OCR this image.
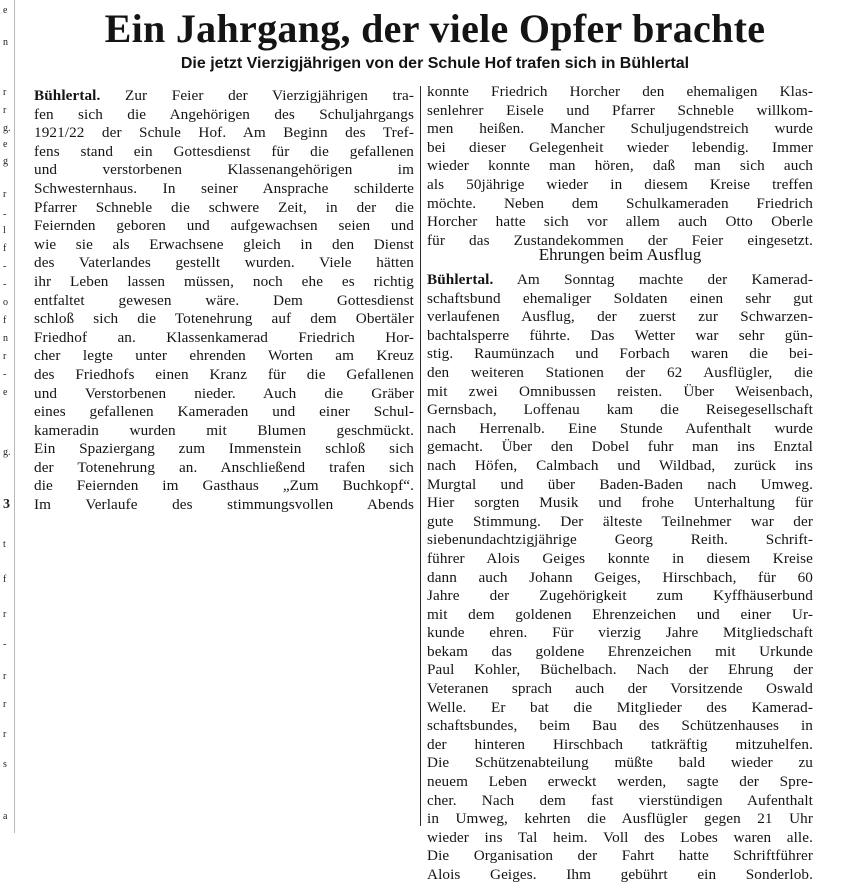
e
n
r
r
g.
e
g
r
-
l
f
-
-
o
f
n
r
-
e
g.
3
t
f
r
-
r
r
r
s
a
Ein Jahrgang, der viele Opfer brachte
Die jetzt Vierzigjährigen von der Schule Hof trafen sich in Bühlertal
Bühlertal. Zur Feier der Vierzigjährigen tra-
fen sich die Angehörigen des Schuljahrgangs
1921/22 der Schule Hof. Am Beginn des Tref-
fens stand ein Gottesdienst für die gefallenen
und verstorbenen Klassenangehörigen im
Schwesternhaus. In seiner Ansprache schilderte
Pfarrer Schneble die schwere Zeit, in der die
Feiernden geboren und aufgewachsen seien und
wie sie als Erwachsene gleich in den Dienst
des Vaterlandes gestellt wurden. Viele hätten
ihr Leben lassen müssen, noch ehe es richtig
entfaltet gewesen wäre. Dem Gottesdienst
schloß sich die Totenehrung auf dem Obertäler
Friedhof an. Klassenkamerad Friedrich Hor-
cher legte unter ehrenden Worten am Kreuz
des Friedhofs einen Kranz für die Gefallenen
und Verstorbenen nieder. Auch die Gräber
eines gefallenen Kameraden und einer Schul-
kameradin wurden mit Blumen geschmückt.
Ein Spaziergang zum Immenstein schloß sich
der Totenehrung an. Anschließend trafen sich
die Feiernden im Gasthaus „Zum Buchkopf“.
Im Verlaufe des stimmungsvollen Abends
konnte Friedrich Horcher den ehemaligen Klas-
senlehrer Eisele und Pfarrer Schneble willkom-
men heißen. Mancher Schuljugendstreich wurde
bei dieser Gelegenheit wieder lebendig. Immer
wieder konnte man hören, daß man sich auch
als 50jährige wieder in diesem Kreise treffen
möchte. Neben dem Schulkameraden Friedrich
Horcher hatte sich vor allem auch Otto Oberle
für das Zustandekommen der Feier eingesetzt.
Ehrungen beim Ausflug
Bühlertal. Am Sonntag machte der Kamerad-
schaftsbund ehemaliger Soldaten einen sehr gut
verlaufenen Ausflug, der zuerst zur Schwarzen-
bachtalsperre führte. Das Wetter war sehr gün-
stig. Raumünzach und Forbach waren die bei-
den weiteren Stationen der 62 Ausflügler, die
mit zwei Omnibussen reisten. Über Weisenbach,
Gernsbach, Loffenau kam die Reisegesellschaft
nach Herrenalb. Eine Stunde Aufenthalt wurde
gemacht. Über den Dobel fuhr man ins Enztal
nach Höfen, Calmbach und Wildbad, zurück ins
Murgtal und über Baden-Baden nach Umweg.
Hier sorgten Musik und frohe Unterhaltung für
gute Stimmung. Der älteste Teilnehmer war der
siebenundachtzigjährige Georg Reith. Schrift-
führer Alois Geiges konnte in diesem Kreise
dann auch Johann Geiges, Hirschbach, für 60
Jahre der Zugehörigkeit zum Kyffhäuserbund
mit dem goldenen Ehrenzeichen und einer Ur-
kunde ehren. Für vierzig Jahre Mitgliedschaft
bekam das goldene Ehrenzeichen mit Urkunde
Paul Kohler, Büchelbach. Nach der Ehrung der
Veteranen sprach auch der Vorsitzende Oswald
Welle. Er bat die Mitglieder des Kamerad-
schaftsbundes, beim Bau des Schützenhauses in
der hinteren Hirschbach tatkräftig mitzuhelfen.
Die Schützenabteilung müßte bald wieder zu
neuem Leben erweckt werden, sagte der Spre-
cher. Nach dem fast vierstündigen Aufenthalt
in Umweg, kehrten die Ausflügler gegen 21 Uhr
wieder ins Tal heim. Voll des Lobes waren alle.
Die Organisation der Fahrt hatte Schriftführer
Alois Geiges. Ihm gebührt ein Sonderlob.
